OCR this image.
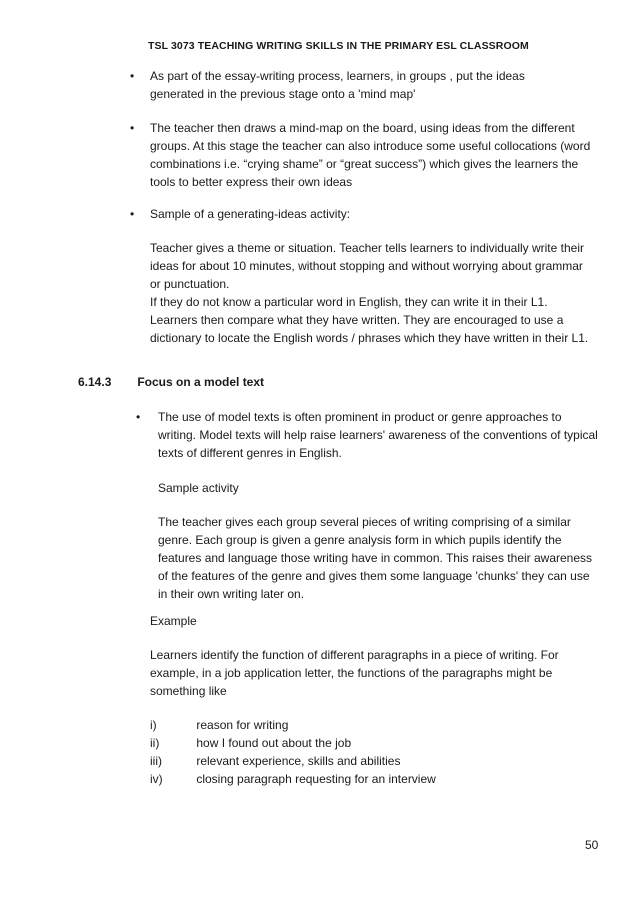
TSL 3073 TEACHING WRITING SKILLS IN THE PRIMARY ESL CLASSROOM
• As part of the essay-writing process, learners, in groups , put the ideas generated in the previous stage onto a 'mind map'
• The teacher then draws a mind-map on the board, using ideas from the different groups. At this stage the teacher can also introduce some useful collocations (word combinations i.e. “crying shame” or “great success”) which gives the learners the tools to better express their own ideas
• Sample of a generating-ideas activity:
Teacher gives a theme or situation. Teacher tells learners to individually write their ideas for about 10 minutes, without stopping and without worrying about grammar or punctuation.
If they do not know a particular word in English, they can write it in their L1. Learners then compare what they have written. They are encouraged to use a dictionary to locate the English words / phrases which they have written in their L1.
6.14.3 Focus on a model text
• The use of model texts is often prominent in product or genre approaches to writing. Model texts will help raise learners' awareness of the conventions of typical texts of different genres in English.
Sample activity
The teacher gives each group several pieces of writing comprising of a similar genre. Each group is given a genre analysis form in which pupils identify the features and language those writing have in common. This raises their awareness of the features of the genre and gives them some language 'chunks' they can use in their own writing later on.
Example
Learners identify the function of different paragraphs in a piece of writing. For example, in a job application letter, the functions of the paragraphs might be something like
i)	reason for writing
ii)	how I found out about the job
iii)	relevant experience, skills and abilities
iv)	closing paragraph requesting for an interview
50
